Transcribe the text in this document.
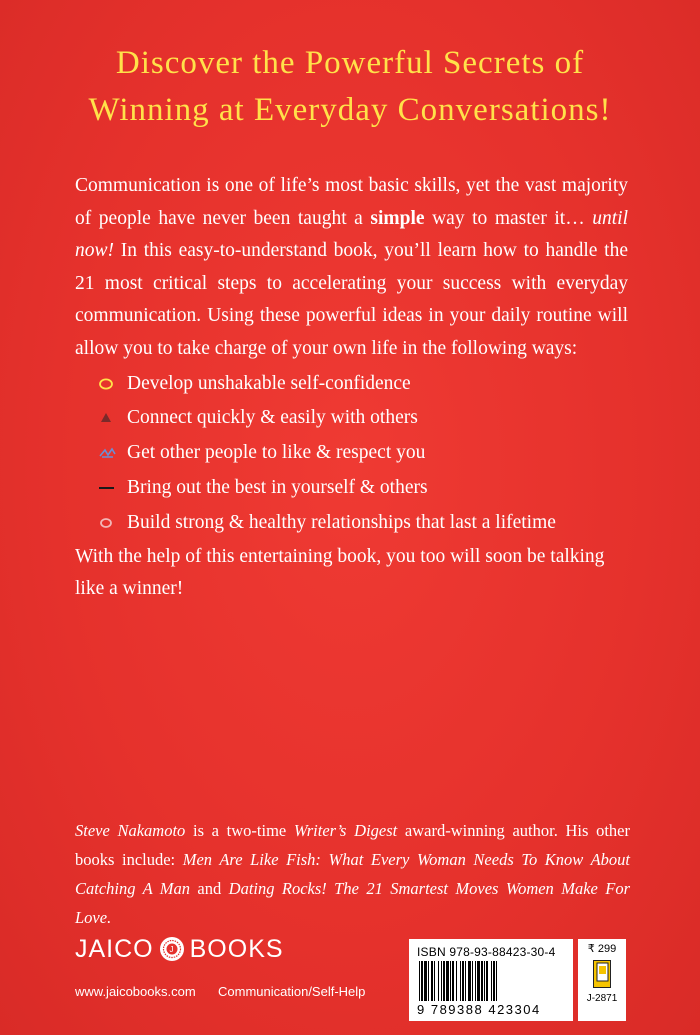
Discover the Powerful Secrets of
Winning at Everyday Conversations!

Communication is one of life’s most basic skills, yet the vast majority of people have never been taught a simple way to master it… until now! In this easy-to-understand book, you’ll learn how to handle the 21 most critical steps to accelerating your success with everyday communication. Using these powerful ideas in your daily routine will allow you to take charge of your own life in the following ways:

Develop unshakable self-confidence
Connect quickly & easily with others
Get other people to like & respect you
Bring out the best in yourself & others
Build strong & healthy relationships that last a lifetime

With the help of this entertaining book, you too will soon be talking like a winner!

Steve Nakamoto is a two-time Writer’s Digest award-winning author. His other books include: Men Are Like Fish: What Every Woman Needs To Know About Catching A Man and Dating Rocks! The 21 Smartest Moves Women Make For Love.
JAICO J BOOKS
www.jaicobooks.com Communication/Self-Help
ISBN 978-93-88423-30-4
9 789388 423304
₹ 299
J-2871
